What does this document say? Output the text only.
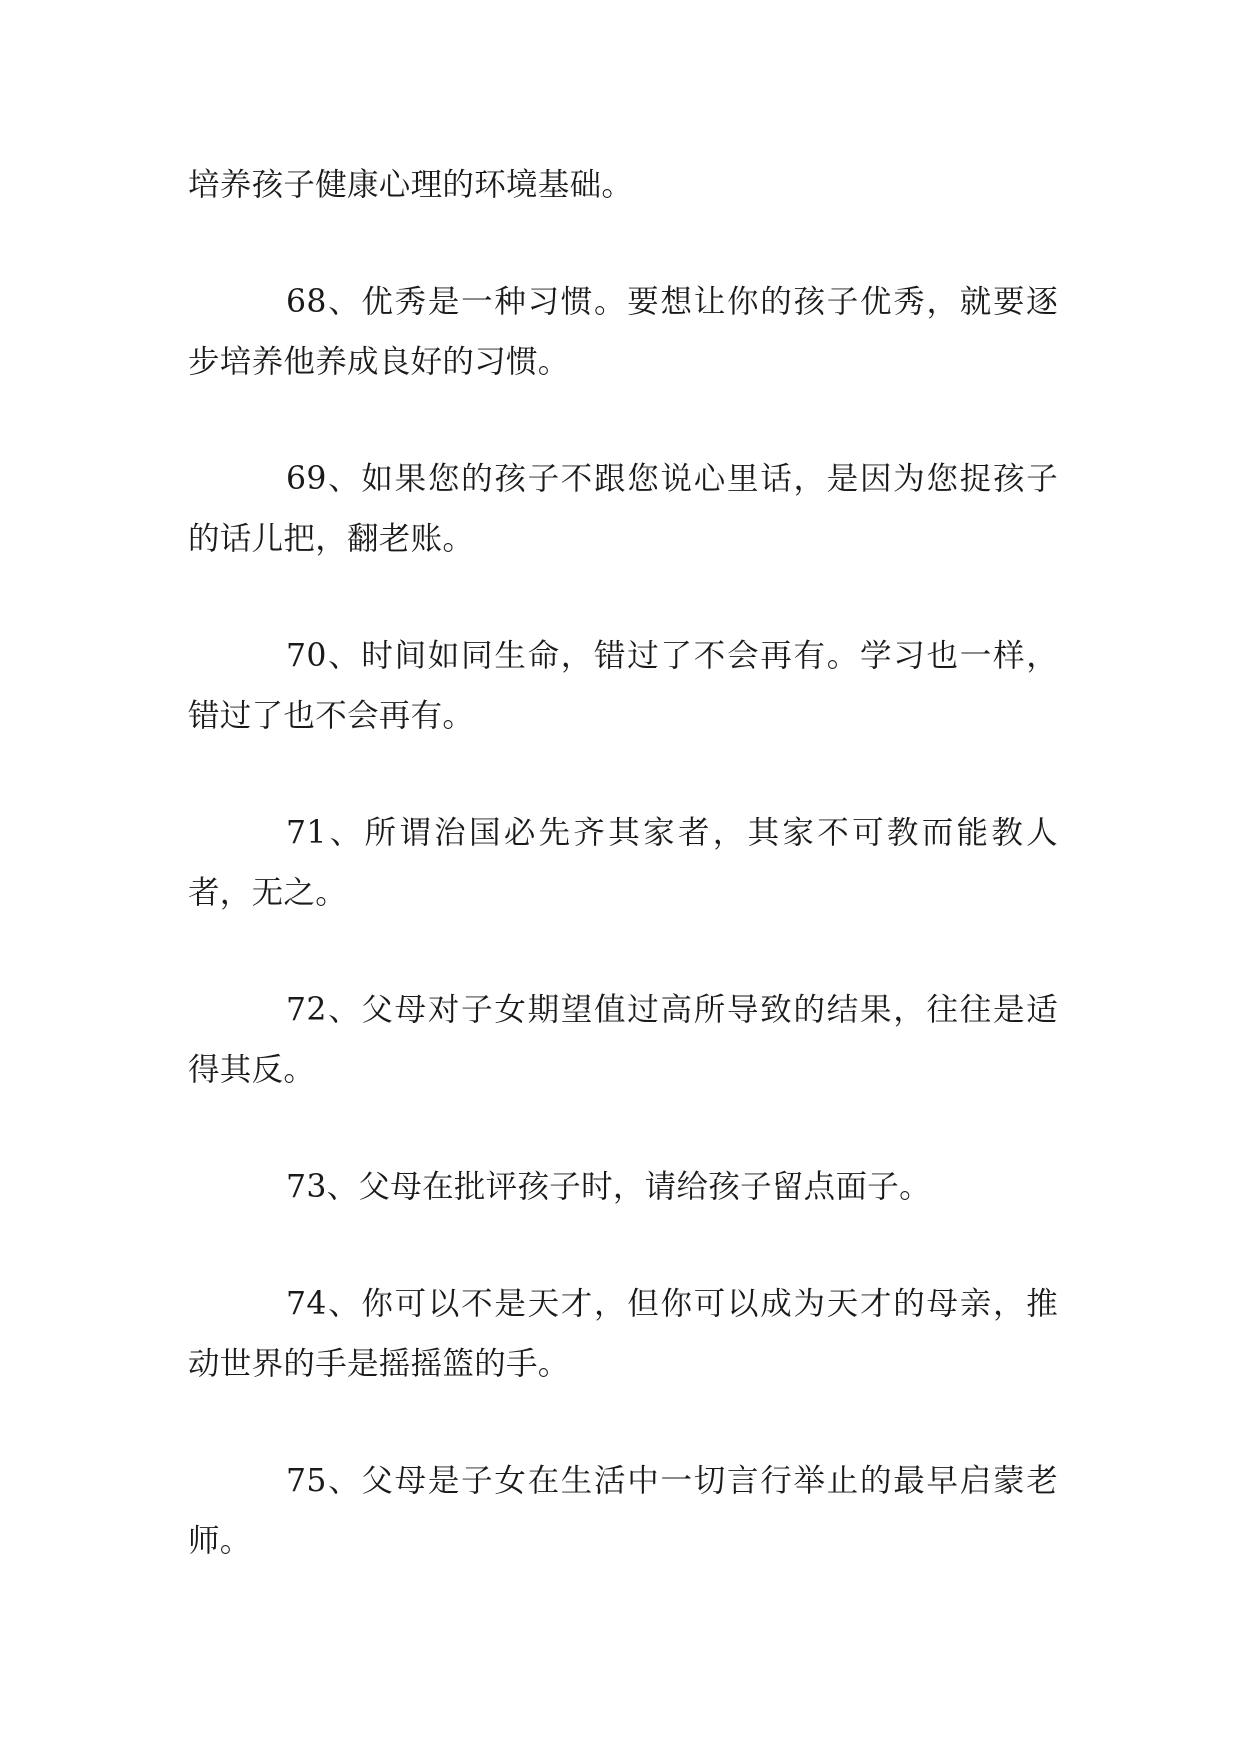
培养孩子健康心理的环境基础。

68、优秀是一种习惯。要想让你的孩子优秀，就要逐步培养他养成良好的习惯。

69、如果您的孩子不跟您说心里话，是因为您捉孩子的话儿把，翻老账。

70、时间如同生命，错过了不会再有。学习也一样，错过了也不会再有。

71、所谓治国必先齐其家者，其家不可教而能教人者，无之。

72、父母对子女期望值过高所导致的结果，往往是适得其反。

73、父母在批评孩子时，请给孩子留点面子。

74、你可以不是天才，但你可以成为天才的母亲，推动世界的手是摇摇篮的手。

75、父母是子女在生活中一切言行举止的最早启蒙老师。
